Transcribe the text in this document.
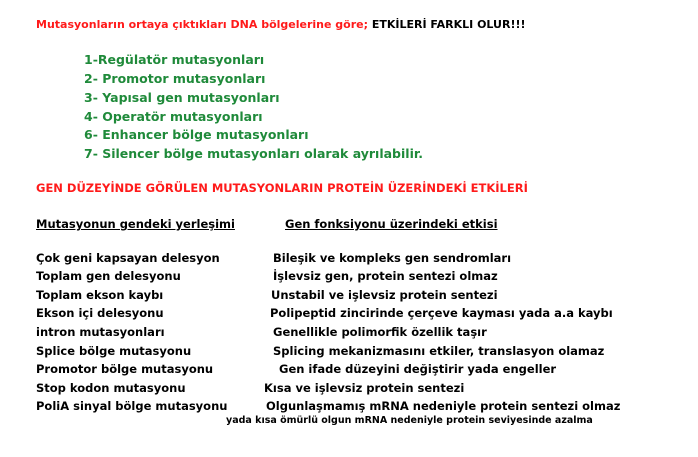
Mutasyonların ortaya çıktıkları DNA bölgelerine göre; ETKİLERİ FARKLI OLUR!!!
1-Regülatör mutasyonları
2- Promotor mutasyonları
3- Yapısal gen mutasyonları
4- Operatör mutasyonları
6- Enhancer bölge mutasyonları
7- Silencer bölge mutasyonları olarak ayrılabilir.
GEN DÜZEYİNDE GÖRÜLEN MUTASYONLARIN PROTEİN ÜZERİNDEKİ ETKİLERİ
Mutasyonun gendeki yerleşimi	Gen fonksiyonu üzerindeki etkisi
Çok geni kapsayan delesyon	Bileşik ve kompleks gen sendromları
Toplam gen delesyonu	İşlevsiz gen, protein sentezi olmaz
Toplam ekson kaybı	Unstabil ve işlevsiz protein sentezi
Ekson içi delesyonu	Polipeptid zincirinde çerçeve kayması yada a.a kaybı
intron mutasyonları	Genellikle polimorfik özellik taşır
Splice bölge mutasyonu	Splicing mekanizmasını etkiler, translasyon olamaz
Promotor bölge mutasyonu	Gen ifade düzeyini değiştirir yada engeller
Stop kodon mutasyonu	Kısa ve işlevsiz protein sentezi
PoliA sinyal bölge mutasyonu	Olgunlaşmamış mRNA nedeniyle protein sentezi olmaz
yada kısa ömürlü olgun mRNA nedeniyle protein seviyesinde azalma
